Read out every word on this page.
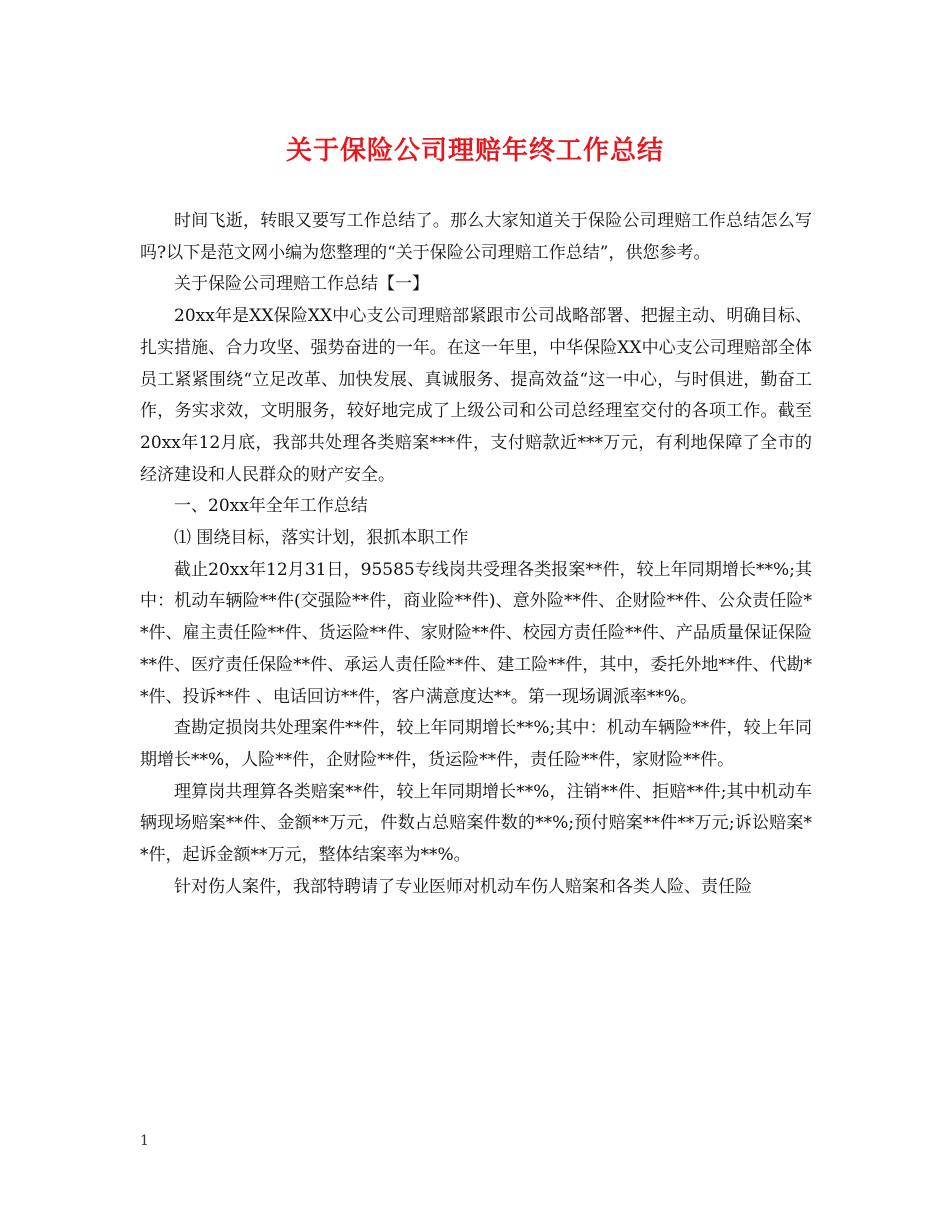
关于保险公司理赔年终工作总结

时间飞逝，转眼又要写工作总结了。那么大家知道关于保险公司理赔工作总结怎么写吗?以下是范文网小编为您整理的“关于保险公司理赔工作总结”，供您参考。

关于保险公司理赔工作总结【一】

20xx年是XX保险XX中心支公司理赔部紧跟市公司战略部署、把握主动、明确目标、扎实措施、合力攻坚、强势奋进的一年。在这一年里，中华保险XX中心支公司理赔部全体员工紧紧围绕“立足改革、加快发展、真诚服务、提高效益“这一中心，与时俱进，勤奋工作，务实求效，文明服务，较好地完成了上级公司和公司总经理室交付的各项工作。截至20xx年12月底，我部共处理各类赔案***件，支付赔款近***万元，有利地保障了全市的经济建设和人民群众的财产安全。

一、20xx年全年工作总结

⑴ 围绕目标，落实计划，狠抓本职工作

截止20xx年12月31日，95585专线岗共受理各类报案**件，较上年同期增长**%;其中：机动车辆险**件(交强险**件，商业险**件)、意外险**件、企财险**件、公众责任险**件、雇主责任险**件、货运险**件、家财险**件、校园方责任险**件、产品质量保证保险**件、医疗责任保险**件、承运人责任险**件、建工险**件，其中，委托外地**件、代勘**件、投诉**件 、电话回访**件，客户满意度达**。第一现场调派率**%。

查勘定损岗共处理案件**件，较上年同期增长**%;其中：机动车辆险**件，较上年同期增长**%，人险**件，企财险**件，货运险**件，责任险**件，家财险**件。

理算岗共理算各类赔案**件，较上年同期增长**%，注销**件、拒赔**件;其中机动车辆现场赔案**件、金额**万元，件数占总赔案件数的**%;预付赔案**件**万元;诉讼赔案**件，起诉金额**万元，整体结案率为**%。

针对伤人案件，我部特聘请了专业医师对机动车伤人赔案和各类人险、责任险

1
